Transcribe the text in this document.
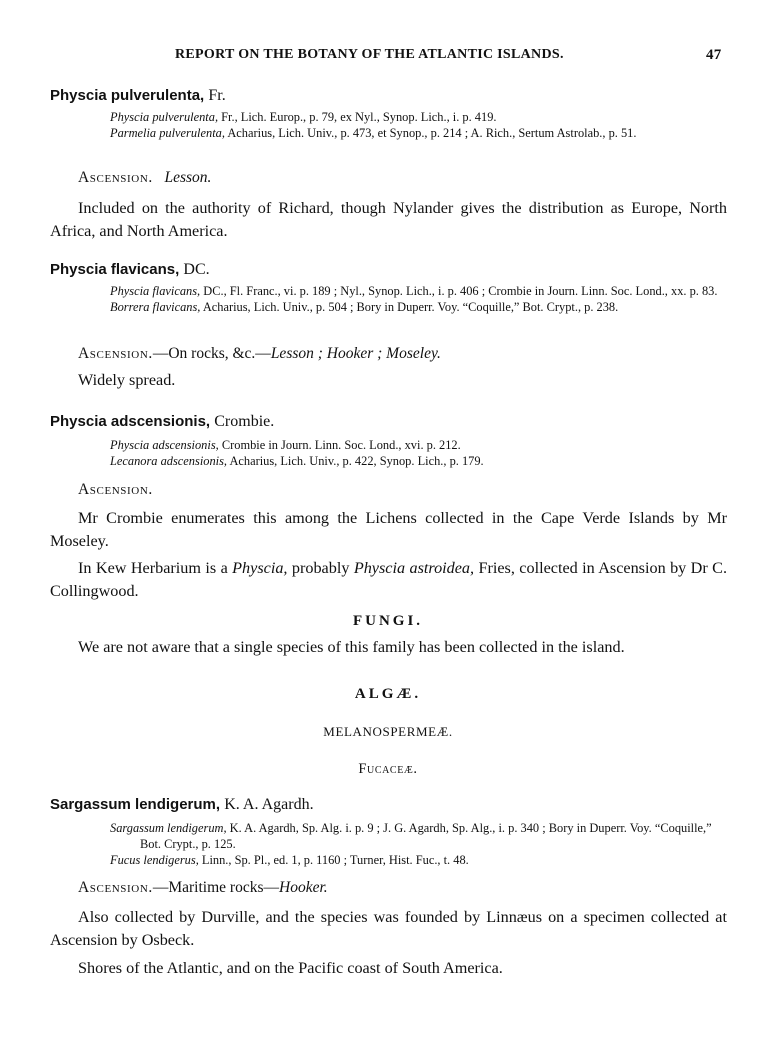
REPORT ON THE BOTANY OF THE ATLANTIC ISLANDS.	47
Physcia pulverulenta, Fr.
Physcia pulverulenta, Fr., Lich. Europ., p. 79, ex Nyl., Synop. Lich., i. p. 419.
Parmelia pulverulenta, Acharius, Lich. Univ., p. 473, et Synop., p. 214 ; A. Rich., Sertum Astrolab., p. 51.
Ascension. Lesson.
Included on the authority of Richard, though Nylander gives the distribution as Europe, North Africa, and North America.
Physcia flavicans, DC.
Physcia flavicans, DC., Fl. Franc., vi. p. 189 ; Nyl., Synop. Lich., i. p. 406 ; Crombie in Journ. Linn. Soc. Lond., xx. p. 83.
Borrera flavicans, Acharius, Lich. Univ., p. 504 ; Bory in Duperr. Voy. “Coquille,” Bot. Crypt., p. 238.
Ascension.—On rocks, &c.—Lesson ; Hooker ; Moseley.
Widely spread.
Physcia adscensionis, Crombie.
Physcia adscensionis, Crombie in Journ. Linn. Soc. Lond., xvi. p. 212.
Lecanora adscensionis, Acharius, Lich. Univ., p. 422, Synop. Lich., p. 179.
Ascension.
Mr Crombie enumerates this among the Lichens collected in the Cape Verde Islands by Mr Moseley.
In Kew Herbarium is a Physcia, probably Physcia astroidea, Fries, collected in Ascension by Dr C. Collingwood.
FUNGI.
We are not aware that a single species of this family has been collected in the island.
ALGÆ.
MELANOSPERMEÆ.
Fucaceæ.
Sargassum lendigerum, K. A. Agardh.
Sargassum lendigerum, K. A. Agardh, Sp. Alg. i. p. 9 ; J. G. Agardh, Sp. Alg., i. p. 340 ; Bory in Duperr. Voy. “Coquille,” Bot. Crypt., p. 125.
Fucus lendigerus, Linn., Sp. Pl., ed. 1, p. 1160 ; Turner, Hist. Fuc., t. 48.
Ascension.—Maritime rocks—Hooker.
Also collected by Durville, and the species was founded by Linnæus on a specimen collected at Ascension by Osbeck.
Shores of the Atlantic, and on the Pacific coast of South America.
